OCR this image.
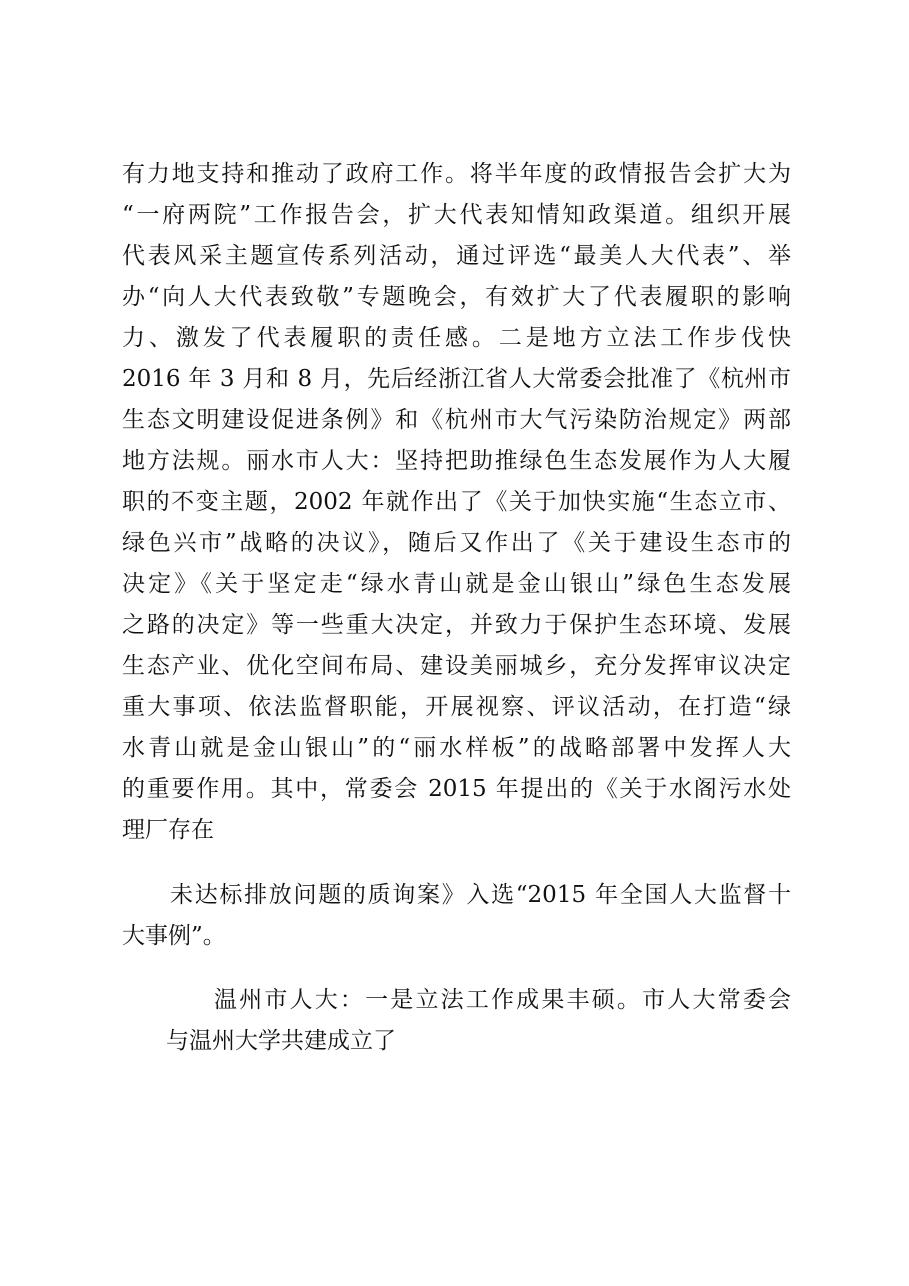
有力地支持和推动了政府工作。将半年度的政情报告会扩大为
“一府两院”工作报告会，扩大代表知情知政渠道。组织开展
代表风采主题宣传系列活动，通过评选“最美人大代表”、举
办“向人大代表致敬”专题晚会，有效扩大了代表履职的影响
力、激发了代表履职的责任感。二是地方立法工作步伐快
2016 年 3 月和 8 月，先后经浙江省人大常委会批准了《杭州市
生态文明建设促进条例》和《杭州市大气污染防治规定》两部
地方法规。丽水市人大：坚持把助推绿色生态发展作为人大履
职的不变主题，2002 年就作出了《关于加快实施“生态立市、
绿色兴市”战略的决议》，随后又作出了《关于建设生态市的
决定》《关于坚定走“绿水青山就是金山银山”绿色生态发展
之路的决定》等一些重大决定，并致力于保护生态环境、发展
生态产业、优化空间布局、建设美丽城乡，充分发挥审议决定
重大事项、依法监督职能，开展视察、评议活动，在打造“绿
水青山就是金山银山”的“丽水样板”的战略部署中发挥人大
的重要作用。其中，常委会 2015 年提出的《关于水阁污水处
理厂存在
未达标排放问题的质询案》入选“2015 年全国人大监督十
大事例”。
温州市人大：一是立法工作成果丰硕。市人大常委会
与温州大学共建成立了
